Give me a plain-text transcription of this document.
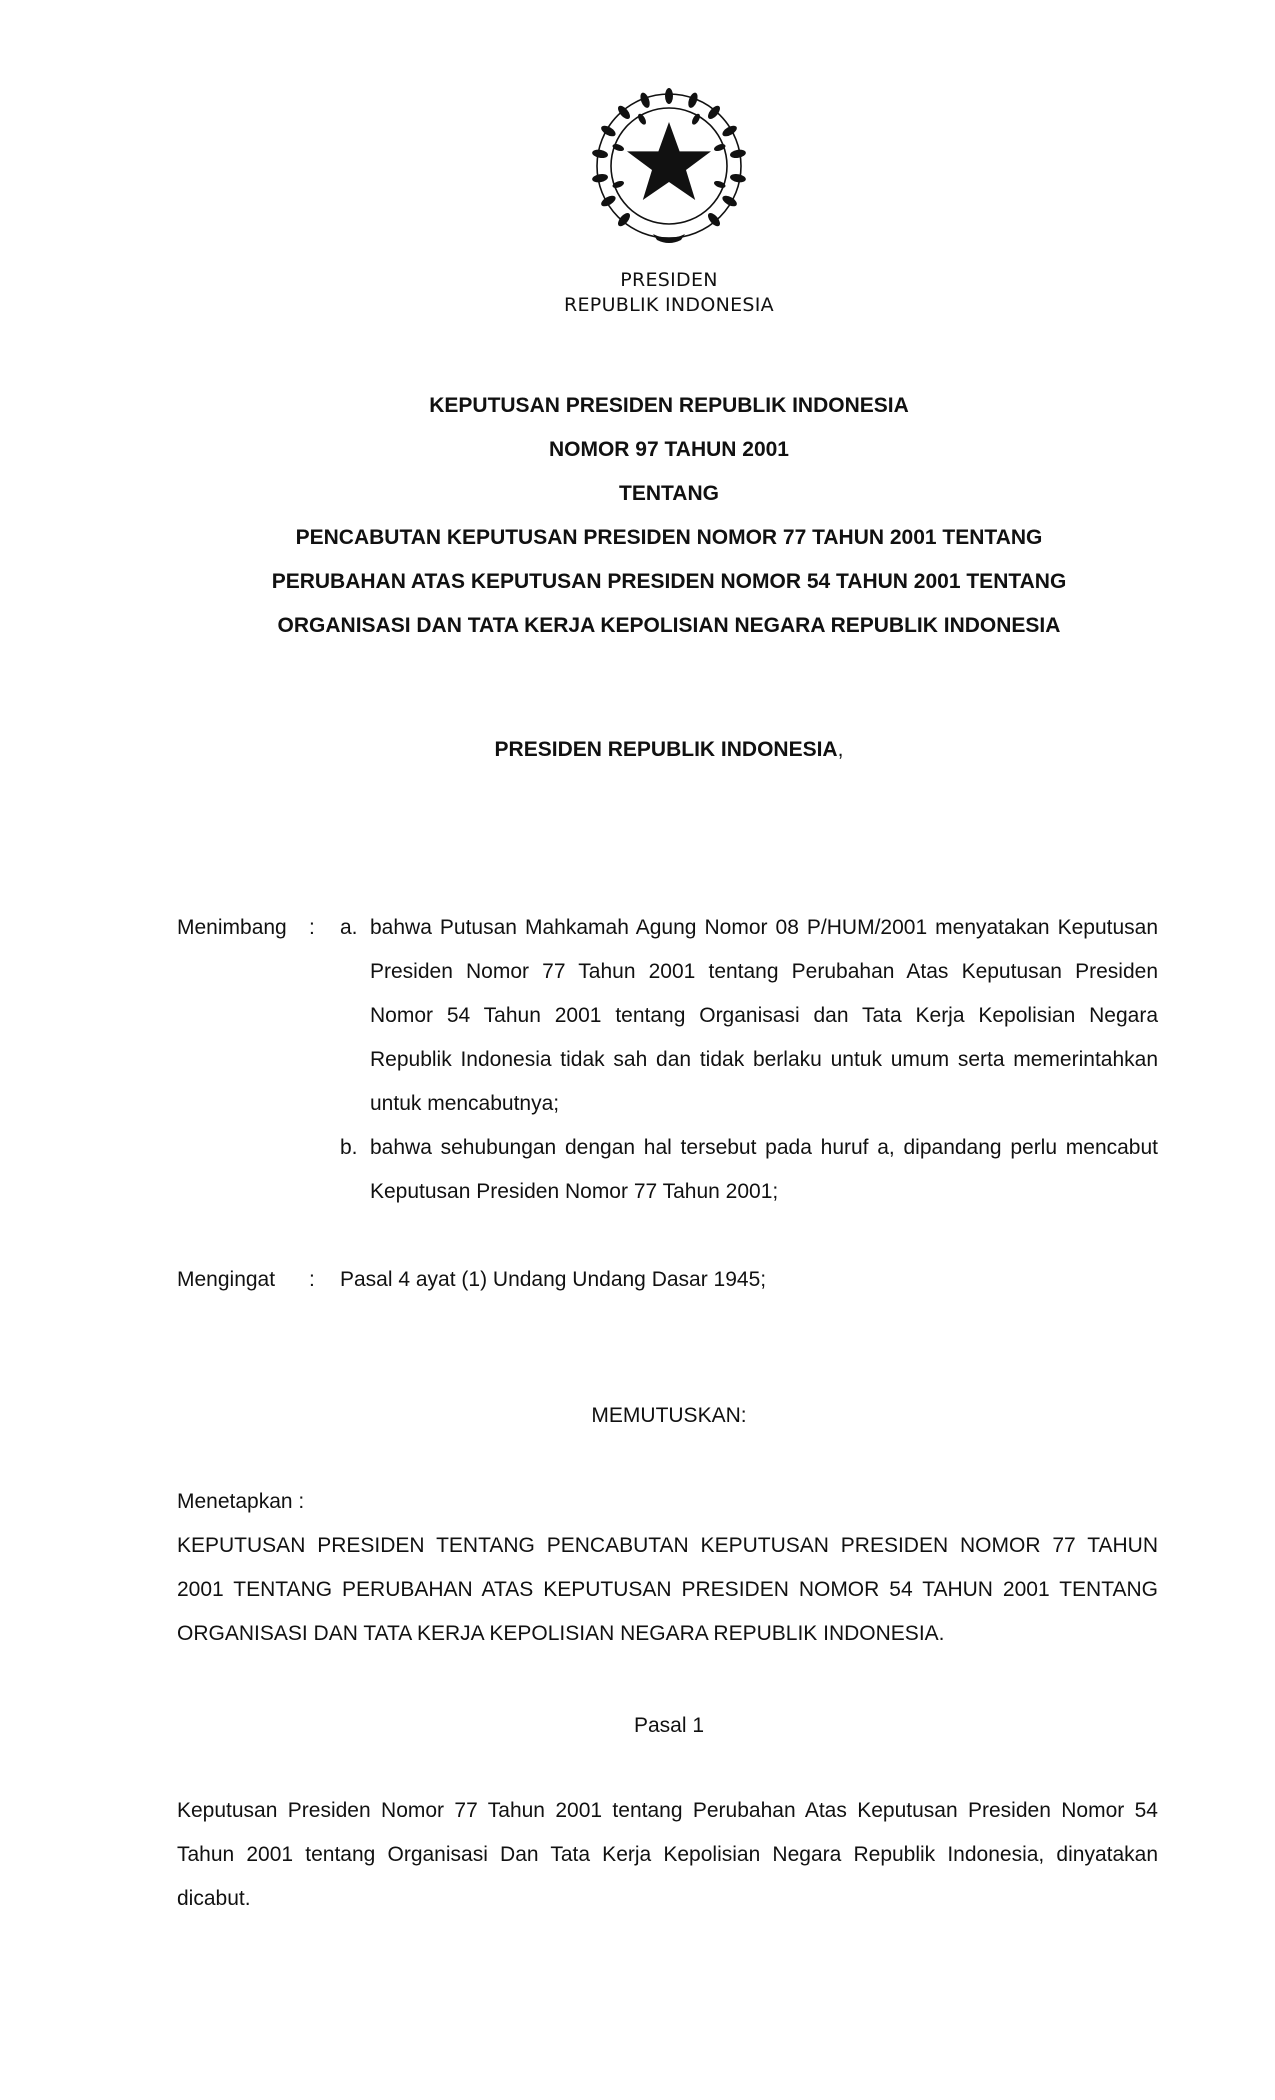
PRESIDEN
REPUBLIK INDONESIA
KEPUTUSAN PRESIDEN REPUBLIK INDONESIA
NOMOR 97 TAHUN 2001
TENTANG
PENCABUTAN KEPUTUSAN PRESIDEN NOMOR 77 TAHUN 2001 TENTANG
PERUBAHAN ATAS KEPUTUSAN PRESIDEN NOMOR 54 TAHUN 2001 TENTANG
ORGANISASI DAN TATA KERJA KEPOLISIAN NEGARA REPUBLIK INDONESIA
PRESIDEN REPUBLIK INDONESIA,
Menimbang : a. bahwa Putusan Mahkamah Agung Nomor 08 P/HUM/2001 menyatakan Keputusan Presiden Nomor 77 Tahun 2001 tentang Perubahan Atas Keputusan Presiden Nomor 54 Tahun 2001 tentang Organisasi dan Tata Kerja Kepolisian Negara Republik Indonesia tidak sah dan tidak berlaku untuk umum serta memerintahkan untuk mencabutnya;
b. bahwa sehubungan dengan hal tersebut pada huruf a, dipandang perlu mencabut Keputusan Presiden Nomor 77 Tahun 2001;
Mengingat : Pasal 4 ayat (1) Undang Undang Dasar 1945;
MEMUTUSKAN:
Menetapkan :
KEPUTUSAN PRESIDEN TENTANG PENCABUTAN KEPUTUSAN PRESIDEN NOMOR 77 TAHUN 2001 TENTANG PERUBAHAN ATAS KEPUTUSAN PRESIDEN NOMOR 54 TAHUN 2001 TENTANG ORGANISASI DAN TATA KERJA KEPOLISIAN NEGARA REPUBLIK INDONESIA.
Pasal 1
Keputusan Presiden Nomor 77 Tahun 2001 tentang Perubahan Atas Keputusan Presiden Nomor 54 Tahun 2001 tentang Organisasi Dan Tata Kerja Kepolisian Negara Republik Indonesia, dinyatakan dicabut.
